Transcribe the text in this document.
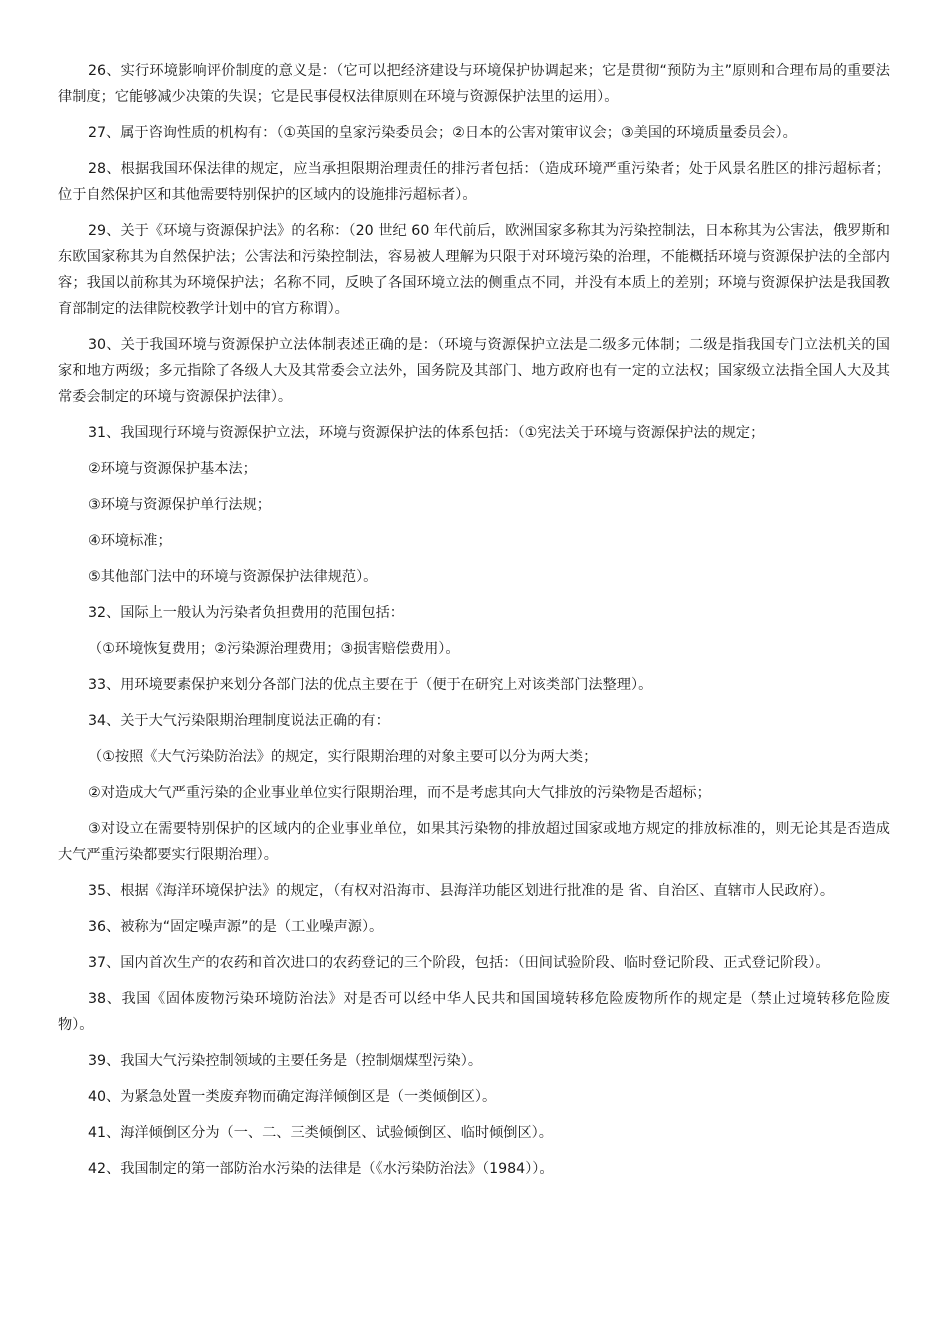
26、实行环境影响评价制度的意义是：（它可以把经济建设与环境保护协调起来；它是贯彻“预防为主”原则和合理布局的重要法律制度；它能够减少决策的失误；它是民事侵权法律原则在环境与资源保护法里的运用）。

27、属于咨询性质的机构有：（①英国的皇家污染委员会；②日本的公害对策审议会；③美国的环境质量委员会）。

28、根据我国环保法律的规定，应当承担限期治理责任的排污者包括：（造成环境严重污染者；处于风景名胜区的排污超标者；位于自然保护区和其他需要特别保护的区域内的设施排污超标者）。

29、关于《环境与资源保护法》的名称：（20 世纪 60 年代前后，欧洲国家多称其为污染控制法，日本称其为公害法，俄罗斯和东欧国家称其为自然保护法；公害法和污染控制法，容易被人理解为只限于对环境污染的治理，不能概括环境与资源保护法的全部内容；我国以前称其为环境保护法；名称不同，反映了各国环境立法的侧重点不同，并没有本质上的差别；环境与资源保护法是我国教育部制定的法律院校教学计划中的官方称谓）。

30、关于我国环境与资源保护立法体制表述正确的是：（环境与资源保护立法是二级多元体制；二级是指我国专门立法机关的国家和地方两级；多元指除了各级人大及其常委会立法外，国务院及其部门、地方政府也有一定的立法权；国家级立法指全国人大及其常委会制定的环境与资源保护法律）。

31、我国现行环境与资源保护立法，环境与资源保护法的体系包括：（①宪法关于环境与资源保护法的规定；

②环境与资源保护基本法；

③环境与资源保护单行法规；

④环境标准；

⑤其他部门法中的环境与资源保护法律规范）。

32、国际上一般认为污染者负担费用的范围包括：

（①环境恢复费用；②污染源治理费用；③损害赔偿费用）。

33、用环境要素保护来划分各部门法的优点主要在于（便于在研究上对该类部门法整理）。

34、关于大气污染限期治理制度说法正确的有：

（①按照《大气污染防治法》的规定，实行限期治理的对象主要可以分为两大类；

②对造成大气严重污染的企业事业单位实行限期治理，而不是考虑其向大气排放的污染物是否超标；

③对设立在需要特别保护的区域内的企业事业单位，如果其污染物的排放超过国家或地方规定的排放标准的，则无论其是否造成大气严重污染都要实行限期治理）。

35、根据《海洋环境保护法》的规定，（有权对沿海市、县海洋功能区划进行批准的是 省、自治区、直辖市人民政府）。

36、被称为“固定噪声源”的是（工业噪声源）。

37、国内首次生产的农药和首次进口的农药登记的三个阶段，包括：（田间试验阶段、临时登记阶段、正式登记阶段）。

38、我国《固体废物污染环境防治法》对是否可以经中华人民共和国国境转移危险废物所作的规定是（禁止过境转移危险废物）。

39、我国大气污染控制领域的主要任务是（控制烟煤型污染）。

40、为紧急处置一类废弃物而确定海洋倾倒区是（一类倾倒区）。

41、海洋倾倒区分为（一、二、三类倾倒区、试验倾倒区、临时倾倒区）。

42、我国制定的第一部防治水污染的法律是（《水污染防治法》（1984））。
